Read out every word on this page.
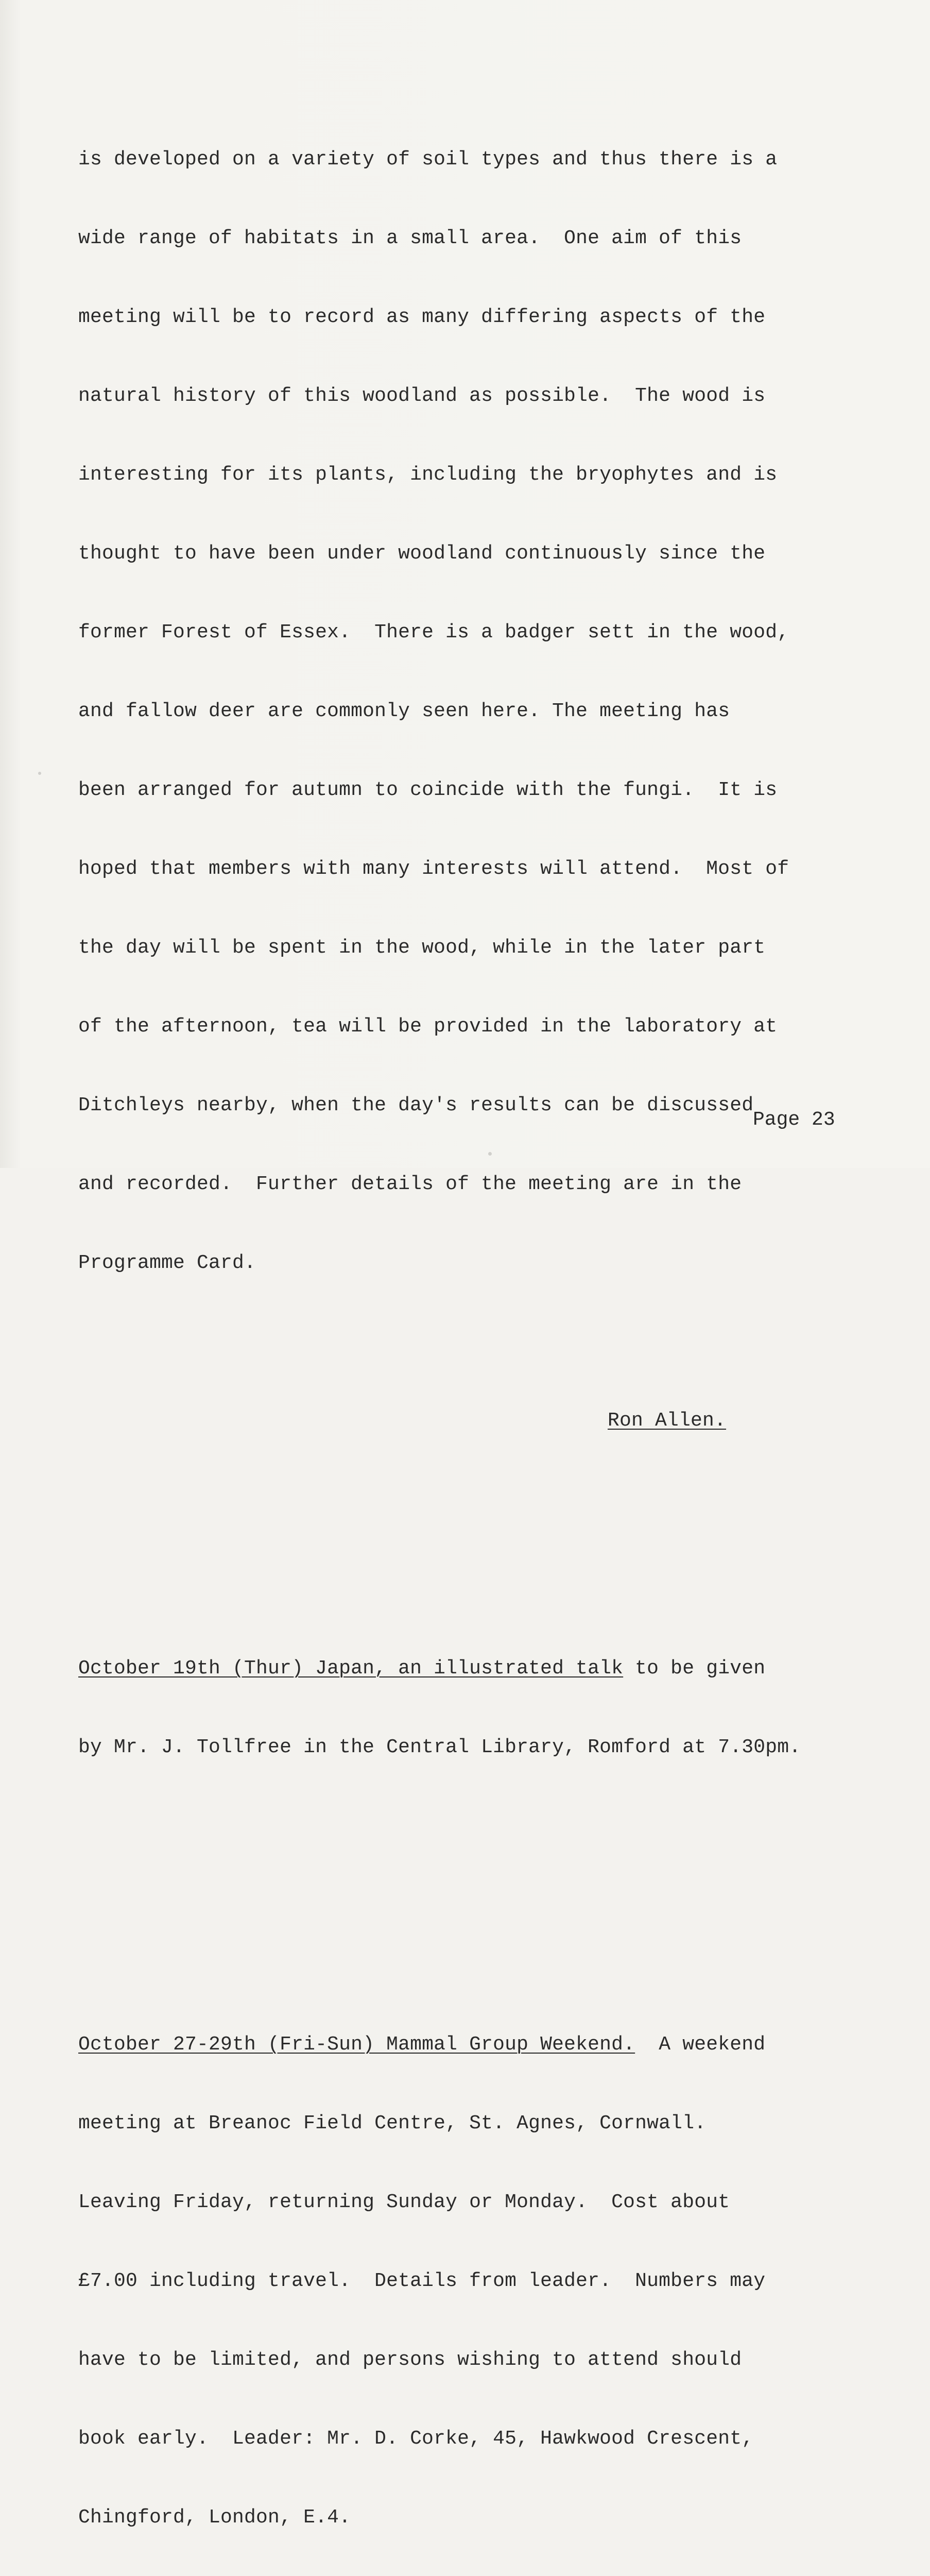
is developed on a variety of soil types and thus there is a

wide range of habitats in a small area.  One aim of this

meeting will be to record as many differing aspects of the

natural history of this woodland as possible.  The wood is

interesting for its plants, including the bryophytes and is

thought to have been under woodland continuously since the

former Forest of Essex.  There is a badger sett in the wood,

and fallow deer are commonly seen here. The meeting has

been arranged for autumn to coincide with the fungi.  It is

hoped that members with many interests will attend.  Most of

the day will be spent in the wood, while in the later part

of the afternoon, tea will be provided in the laboratory at

Ditchleys nearby, when the day's results can be discussed

and recorded.  Further details of the meeting are in the

Programme Card.

Ron Allen.

October 19th (Thur) Japan, an illustrated talk to be given

by Mr. J. Tollfree in the Central Library, Romford at 7.30pm.

October 27-29th (Fri-Sun) Mammal Group Weekend.  A weekend

meeting at Breanoc Field Centre, St. Agnes, Cornwall.

Leaving Friday, returning Sunday or Monday.  Cost about

£7.00 including travel.  Details from leader.  Numbers may

have to be limited, and persons wishing to attend should

book early.  Leader: Mr. D. Corke, 45, Hawkwood Crescent,

Chingford, London, E.4.

Page 23
